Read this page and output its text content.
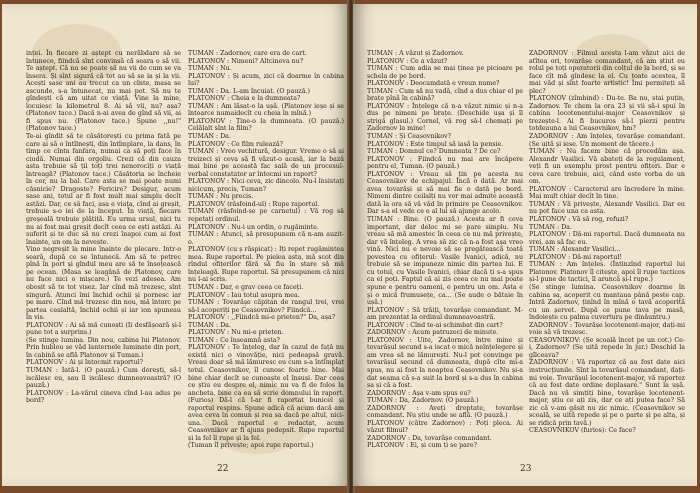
inței. În fiecare zi aștept cu nerăbdare să se întunece, fiindcă sînt convinsă că seara o să vii. Te aștept. Că nu se poate să nu vii de cum se va însera. Și sînt sigură că tot au să se ia și la vii. Acești sase ani au trecut ca un cînte, masa se ascunde, s-a întunecat, nu mai pot. Să nu te gîndești că am uitat ce viață. Vine la mine, locuiesc la kilometrul 8. Ai să vii, nu? așa? (Platonov tace.) Dacă n-ai avea de gînd să vii, ai fi spus nu. (Platonov tace.) Spune ,,nu!" (Platonov tace.)

Te-ai gîndit să te căsătorești cu prima fată pe care ai să o întîlnești, din întîmplare, la dans, în timp ce cînta fanfara, numai ca să poți face în ciudă. Numai din orgoliu. Crezi că din cauza asta trebuie să ții toți trei nenorociți o viață întreagă? (Platonov tace.) Căsătoria se încheie în cer, nu la bal. Care asta se mai poate numi căsnicie? Dragoste? Fericire? Desigur, acum sase ani, totul ar fi fost mult mai simplu decît astăzi. Dar, ce să faci, asa e viața, cînd ai greșit, trebuie s-o iei de la început. În viață, fiecare greșeală trebuie plătită. Eu urma ursul, nici tu nu ai fost mai greșit decît ceea ce ești astăzi. Ai suferit și te duc să nu crezi înapoi cum ai fost înainte, un om la neveste.

Vino negreșit la mine înainte de plecare. Intr-o seară, după ce se întunecă. Am să te petrec pînă în port și gîndul meu are să te însoțească pe ocean. (Masa se leagănă de Platonov, care nu face nici o mișcare.) Te vezi adesea. Am obosit să te tot visez. Iar cînd mă trezesc, sînt singură. Atunci îmi închid ochii și pornesc iar pe mare. Cînd mă trezesc din nou, mă întorc pe partea cealaltă, închid ochii și iar ion spuneau în vis.

PLATONOV : Ai să mă cunoști (Ii desfășoară și-l pune tot a surprins.)

(Se stinge lumina. Din nou, cabina lui Platonov. Prin hublou se văd lanternele luminate din port, în cabină se află Platonov și Tuman.)

PLATONOV : Ai și întocmit raportul?

TUMAN : Iată-l. (O pauză.) Cum dorești, să-l iscălesc eu, sau îl iscălesc dumneavoastră? (O pauză.)

PLATONOV : La-vărul cineva cînd l-au adus pe bord?

TUMAN : Zadornov, care era de cart.

PLATONOV : Nimeni? Altcineva nu?

TUMAN : Nu.

PLATONOV : Și acum, zici că doarme în cabina lui?

TUMAN : Da. L-am încuiat. (O pauză.)

PLATONOV : Cheia e la dumneata?

TUMAN : Am lăsat-o la ușă. (Platonov ieșe și se întoarce numaidecît cu cheia în mînă.)

PLATONOV : Ține-o la dumneata. (O pauză.) Celălalt sînt la film?

TUMAN : Da.

PLATONOV : Ce film rulează?

TUMAN : Vreo vechitură, desigur. Vreme o să ai treizeci și ceva să fi văzut-o acasă, iar la bază mai bine pe această fac sală de un procesul-verbal constatator ar întocmi un raport?

PLATONOV : Nici ceva, zic dincolo. Nu-l însistați nicicum, precis, Tuman?

TUMAN : Nu precis.

PLATONOV (răsfoind-ul) : Rupe raportul.

TUMAN (răsfoind-se pe carnetul) : Vă rog să repetați ordinul.

PLATONOV : Nu-i un ordin, o rugăminte.

TUMAN : Atunci, să presupunem că n-am auzit-o.

PLATONOV (cu ș răspicat) : Iți repet rugămintea mea. Rupe raportul. Pe pielea asta, mă scot din rîndul ofițerilor fără să fiu în stare să mă înțeleagă. Rupe raportul. Să presupunem că nici nu l-ai scris.

TUMAN : Dar, e grav ceea ce faceți.

PLATONOV : Iau totul asupra mea.

TUMAN : Tovarășe căpitan de rangul trei, vrei să-l acoperiți pe Ceasovnikov? Fiindcă...

PLATONOV : ,,Fiindcă mi-e prieten?" Da, așa?

TUMAN : Da.

PLATONOV : Nu mi-e prieten.

TUMAN : Ce înseamnă asta?

PLATONOV : Te înțeleg, dar în cazul de față nu există nici o vinovăție, nici pedeapsă gravă. Vreau doar să mă lămuresc eu cum s-a întîmplat totul. Ceasovnikov, îl cunosc foarte bine. Mai bine chiar decît se cunoaște el însuși. Dar ceea ce știu eu despre el, nimic nu va fi de folos la ancheta, bine ca ea să scrie domnului în raport. (Furios) Dă-l că l-ar fi raportat bunicel și raportul respins. Spune adică că acum dacă am avea ceva în comun și rea sa dacă pe altul, nici-una. Dacă raportul e redactat, acum Ceasovnikov ar fi ajuns pedepsit. Rupe raportul și la fel îl rupe și la fel.

(Tuman îl privește; apoi rupe raportul.)

22

TUMAN : A văzut și Zadornov.

PLATONOV : Ce a văzut?

TUMAN : Cum adia se mai ținea pe picioare pe schela de pe bord.

PLATONOV : Deocamdată e vreun nume?

TUMAN : Cum să nu vadă, cînd a dus chiar el pe brațe pînă în cabină?

PLATONOV : Înțelege că n-a văzut nimic și n-a dus pe nimeni pe brațe. (Deschide ușa și îl strigă glasul.) Cornel, vă rog să-l chemați pe Zadornov la mine!

TUMAN : Și Ceasovnikov?

PLATONOV : Este timpul să iasă la pensie.

TUMAN : Domnul ce? Dumneata ? De ce?

PLATONOV : Fiindcă nu mai are încăpere pentru el, Tuman. (O pauză.)

PLATONOV : Vreau să țin pe acesta nu Ceasovnikov de echipajul. Încă o dată. Ar mai avea tovarăși și să mai fie o dată pe bord. Nimeni dintre ceilalți nu vor mai admite această dată la ora să vă văd în primire pe Ceasovnikov. Dar s-a el vede ce e al lui să ajunge acolo.

TUMAN : Bine. (O pauză.) Acesta ar fi ceva important, dar deloc mi se pare simplu. Nu vreau să mă amestec în ceea ce nu mă privește, dar vă înțeleg. A vrea să zic că n-a fost așa vreo vină. Nici nu e nevoie să se pregătească toată povestea cu ofițerul: Vasile Ivanici, adică, nu trebuie să se impuneze nimic din partea lui. E cu totul, cu Vasile Ivanici, chiar dacă ți s-a spus ca el poți. Faptul că ai zis ceea ce nu mai poate spune e pentru oameni, e pentru un om. Asta e și o mică frumusețe, ca... (Se aude o bătaie în ușă.)

PLATONOV : Să trăiți, tovarășe comandant. M-am prezentat la ordinul dumneavoastră.

PLATONOV : Cînd te-ai schimbat din cart?

ZADORNOV : Acum patruzeci de minute.

PLATONOV : Uite, Zadornov, între mine și tovarășul secund s-a iscat o mică neînțelegere și am vrea să ne lămurești. Nu-l pot convinge pe tovarășul secund că dumneata, după cîte mi-a spus, nu ai fost la noaptea Ceasovnikov. Nu și-a dat seama că s-a suit la bord și s-a dus în cabina sa și că a fost.

ZADORNOV : Așa v-am spus eu?

TUMAN : Da, Zadornov. (O pauză.)

ZADORNOV : Aveți dreptate, tovarășe comandant. Nu știu unde se află. (O pauză.)

PLATONOV (către Zadornov) : Poți pleca. Ai văzut filmul?

ZADORNOV : Da, tovarășe comandant.

PLATONOV : Ei, și cum ți se pare?

ZADORNOV : Filmul acesta l-am văzut aici de atîtea ori, tovarășe comandant, că am știut eu rolul pe toți operatorii din colțul de la bord, și se face cît mă gîndesc la el. Cu toate acestea, îl mai văd și sînt foarte artistic! Îmi permiteți să plec?

PLATONOV (zîmbind) : Du-te. Ba nu, stai puțin, Zadornov. Te chem la ora 23 și vii să-i spui în cabina locotenentului-major Ceasovnikov și trezește-l. Ai fi bucuros să-l pierzi pentru totdeauna a lui Ceasovnikov, hm?

ZADORNOV : Am înțeles, tovarășe comandant. (Se uită și iese. Un moment de tăcere.)

TUMAN : Nu facem bine că procedăm așa. Alexandr Vasilici. Vă abateți de la regulament, veți fi un exemplu prost pentru ofițeri. Dar e ceva care trebuie, aici, când este vorba de un om.

PLATONOV : Caracterul are încredere în mine. Mai mult chiar decît în tine.

TUMAN : Vă privește, Alexandr Vasilici. Dar eu nu pot face una ca asta.

PLATONOV : Vă să rog, refuzi?

TUMAN : Da.

PLATONOV : Dă-mi raportul. Dacă dumneata nu vrei, am să fac eu.

TUMAN : Alexandr Vasilici...

PLATONOV : Dă-mi raportul!

TUMAN : Am înțeles. (Întinzînd raportul lui Platonov. Platonov îl citește, apoi îl rupe tacticos și-l pune de tactici, îl aruncă și-l rupe.)

(Se stinge lumina. Ceasovnikov doarme în cabina sa, acoperit cu mantaua până peste cap. Intră Zadornov, ținînd în mînă o tavă acoperită cu un șervet. După ce pune tava pe masă, îndoiește cu palma cuvertura pe dinăuntru.)

ZADORNOV : Tovarășe locotenent-major, dați-mi voie să vă trezesc.

CEASOVNIKOV: (Se scoală încet pe un cot.) Ce-i, Zadornov? (Se uită repede în jur.) Deschid la gîlceava?

ZADORNOV : Vă raportez că au fost date aici instrucțiunile. Sînt la tovarășul comandant, dați-mi voie. Tovarășul locotenent-major, vă raportez că au fost date ordine deplasare." Sunt la ușă. Dacă nu vă simțiți bine, tovarășe locotenent-major, știu ce ați zis, dar ce ați putea face? Să zic că v-am găsit nu zic nimic. (Ceasovnikov se scoală, se uită repede și pe o parte și pe alta, și se ridică prin tavă.)

CEASOVNIKOV (furios): Ce face?

23
